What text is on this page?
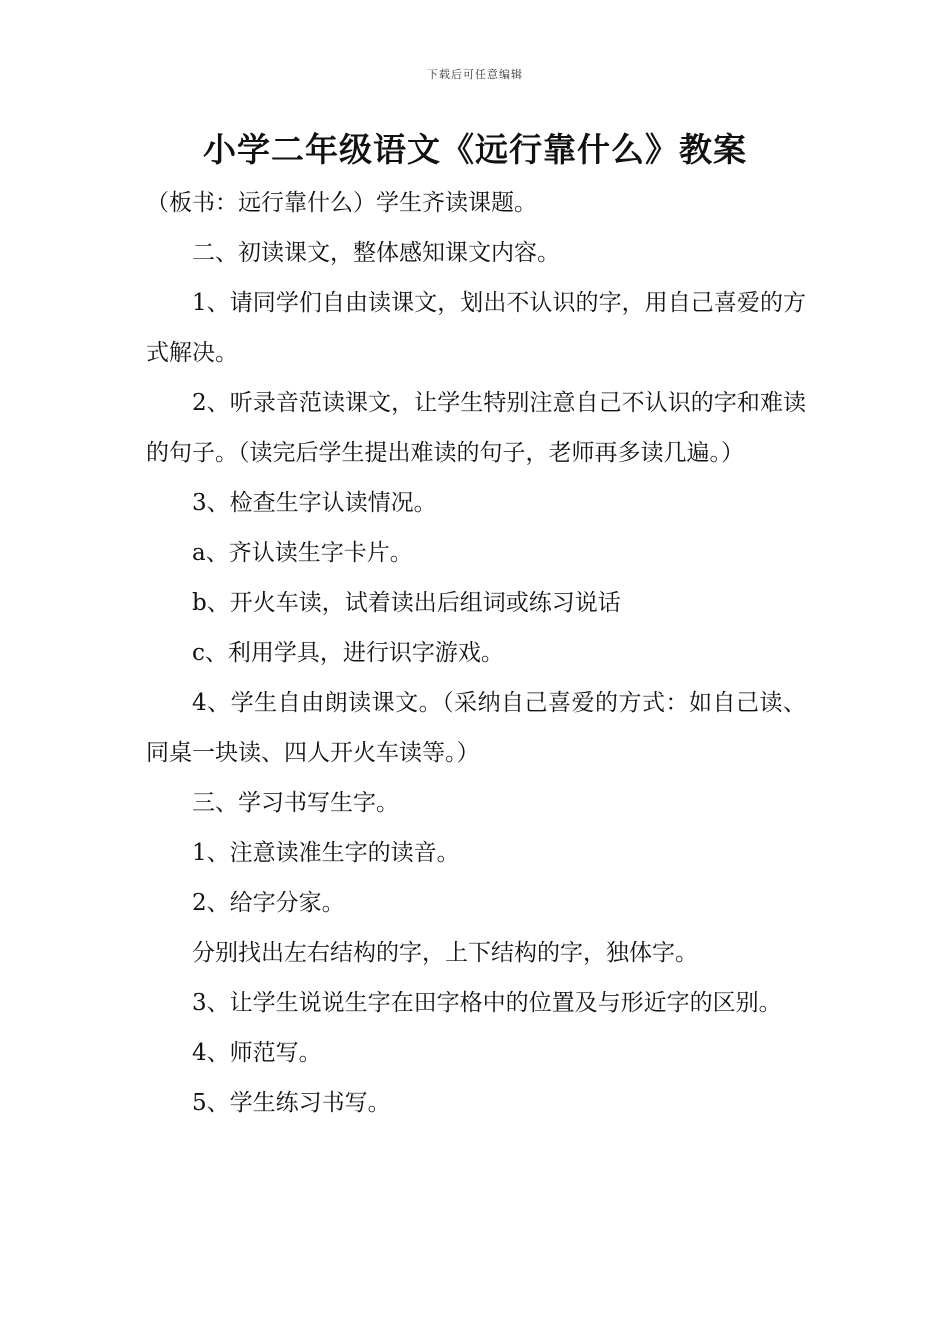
下载后可任意编辑
小学二年级语文《远行靠什么》教案

（板书：远行靠什么）学生齐读课题。

二、初读课文，整体感知课文内容。

1、请同学们自由读课文，划出不认识的字，用自己喜爱的方式解决。

2、听录音范读课文，让学生特别注意自己不认识的字和难读的句子。（读完后学生提出难读的句子，老师再多读几遍。）

3、检查生字认读情况。

a、齐认读生字卡片。

b、开火车读，试着读出后组词或练习说话

c、利用学具，进行识字游戏。

4、学生自由朗读课文。（采纳自己喜爱的方式：如自己读、同桌一块读、四人开火车读等。）

三、学习书写生字。

1、注意读准生字的读音。

2、给字分家。

分别找出左右结构的字，上下结构的字，独体字。

3、让学生说说生字在田字格中的位置及与形近字的区别。

4、师范写。

5、学生练习书写。
